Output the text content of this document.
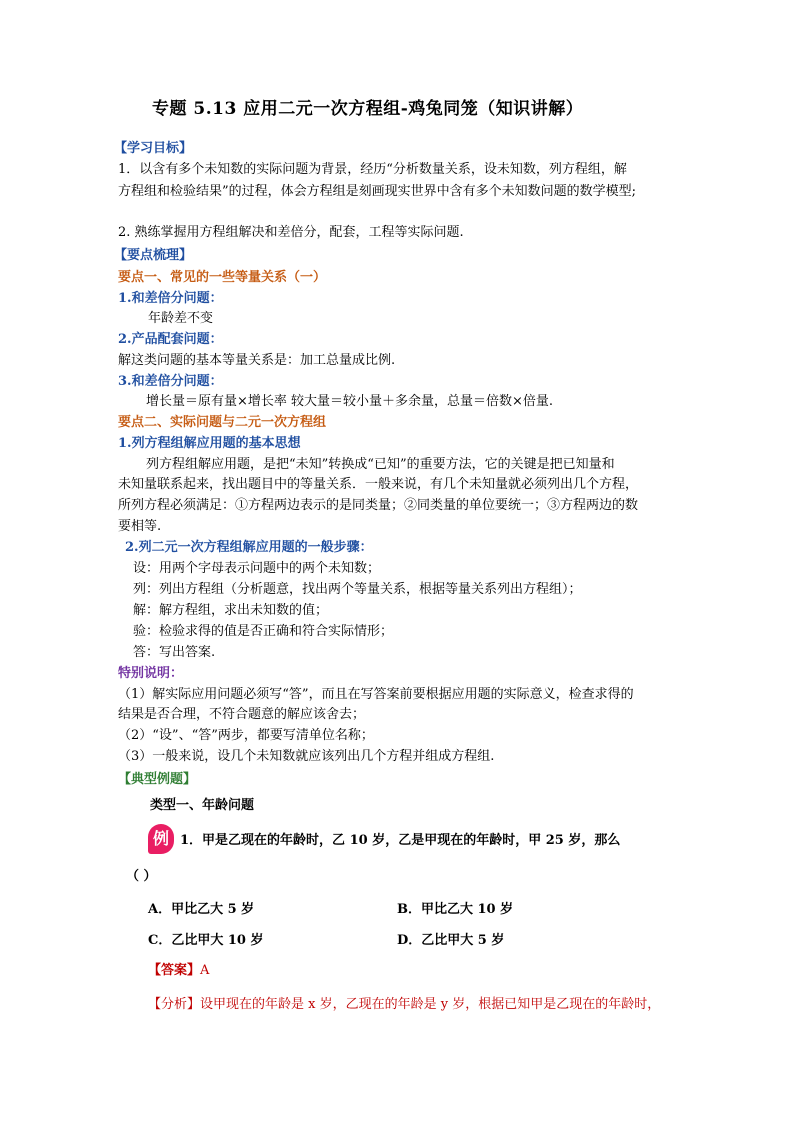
专题 5.13 应用二元一次方程组-鸡兔同笼（知识讲解）
【学习目标】
1．以含有多个未知数的实际问题为背景，经历“分析数量关系，设未知数，列方程组，解
方程组和检验结果”的过程，体会方程组是刻画现实世界中含有多个未知数问题的数学模型;
2. 熟练掌握用方程组解决和差倍分，配套，工程等实际问题.
【要点梳理】
要点一、常见的一些等量关系（一）
1.和差倍分问题：
年龄差不变
2.产品配套问题：
解这类问题的基本等量关系是：加工总量成比例.
3.和差倍分问题：
增长量＝原有量×增长率 较大量＝较小量＋多余量，总量＝倍数×倍量.
要点二、实际问题与二元一次方程组
1.列方程组解应用题的基本思想
列方程组解应用题，是把“未知”转换成“已知”的重要方法，它的关键是把已知量和
未知量联系起来，找出题目中的等量关系．一般来说，有几个未知量就必须列出几个方程，
所列方程必须满足：①方程两边表示的是同类量；②同类量的单位要统一；③方程两边的数
要相等.
2.列二元一次方程组解应用题的一般步骤：
设：用两个字母表示问题中的两个未知数；
列：列出方程组（分析题意，找出两个等量关系，根据等量关系列出方程组）；
解：解方程组，求出未知数的值；
验：检验求得的值是否正确和符合实际情形；
答：写出答案.
特别说明：
（1）解实际应用问题必须写“答”，而且在写答案前要根据应用题的实际意义，检查求得的
结果是否合理，不符合题意的解应该舍去；
（2）“设”、“答”两步，都要写清单位名称；
（3）一般来说，设几个未知数就应该列出几个方程并组成方程组.
【典型例题】
类型一、年龄问题
例 1．甲是乙现在的年龄时，乙 10 岁，乙是甲现在的年龄时，甲 25 岁，那么
（ ）
A．甲比乙大 5 岁	B．甲比乙大 10 岁
C．乙比甲大 10 岁	D．乙比甲大 5 岁
【答案】A
【分析】设甲现在的年龄是 x 岁，乙现在的年龄是 y 岁，根据已知甲是乙现在的年龄时，
